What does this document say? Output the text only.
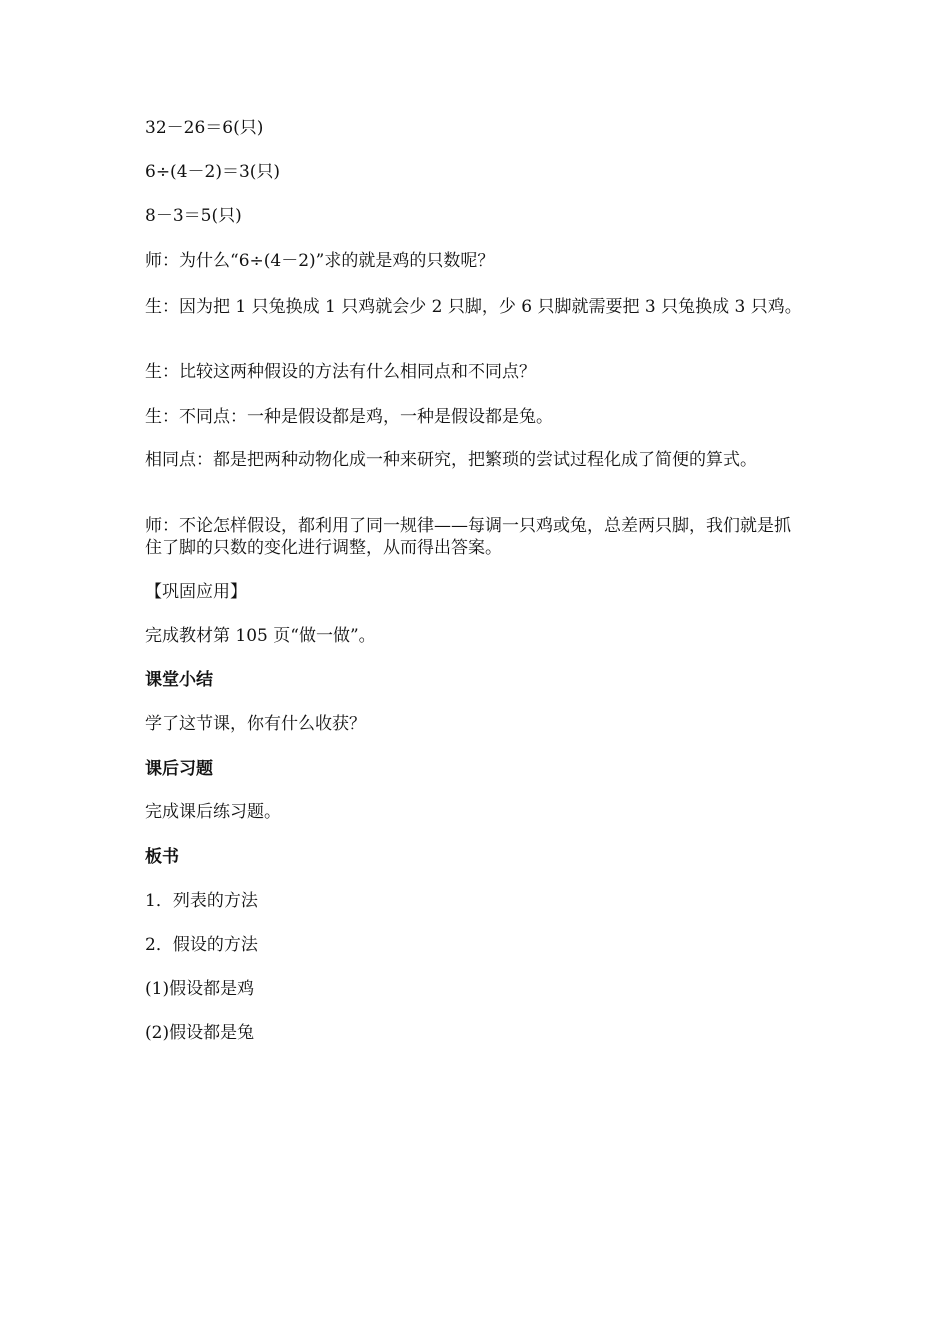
32－26＝6(只)

6÷(4－2)＝3(只)

8－3＝5(只)

师：为什么“6÷(4－2)”求的就是鸡的只数呢？

生：因为把 1 只兔换成 1 只鸡就会少 2 只脚，少 6 只脚就需要把 3 只兔换成 3 只鸡。

生：比较这两种假设的方法有什么相同点和不同点？

生：不同点：一种是假设都是鸡，一种是假设都是兔。

相同点：都是把两种动物化成一种来研究，把繁琐的尝试过程化成了简便的算式。

师：不论怎样假设，都利用了同一规律——每调一只鸡或兔，总差两只脚，我们就是抓住了脚的只数的变化进行调整，从而得出答案。

【巩固应用】

完成教材第 105 页“做一做”。

课堂小结

学了这节课，你有什么收获？

课后习题

完成课后练习题。

板书

1．列表的方法

2．假设的方法

(1)假设都是鸡

(2)假设都是兔
